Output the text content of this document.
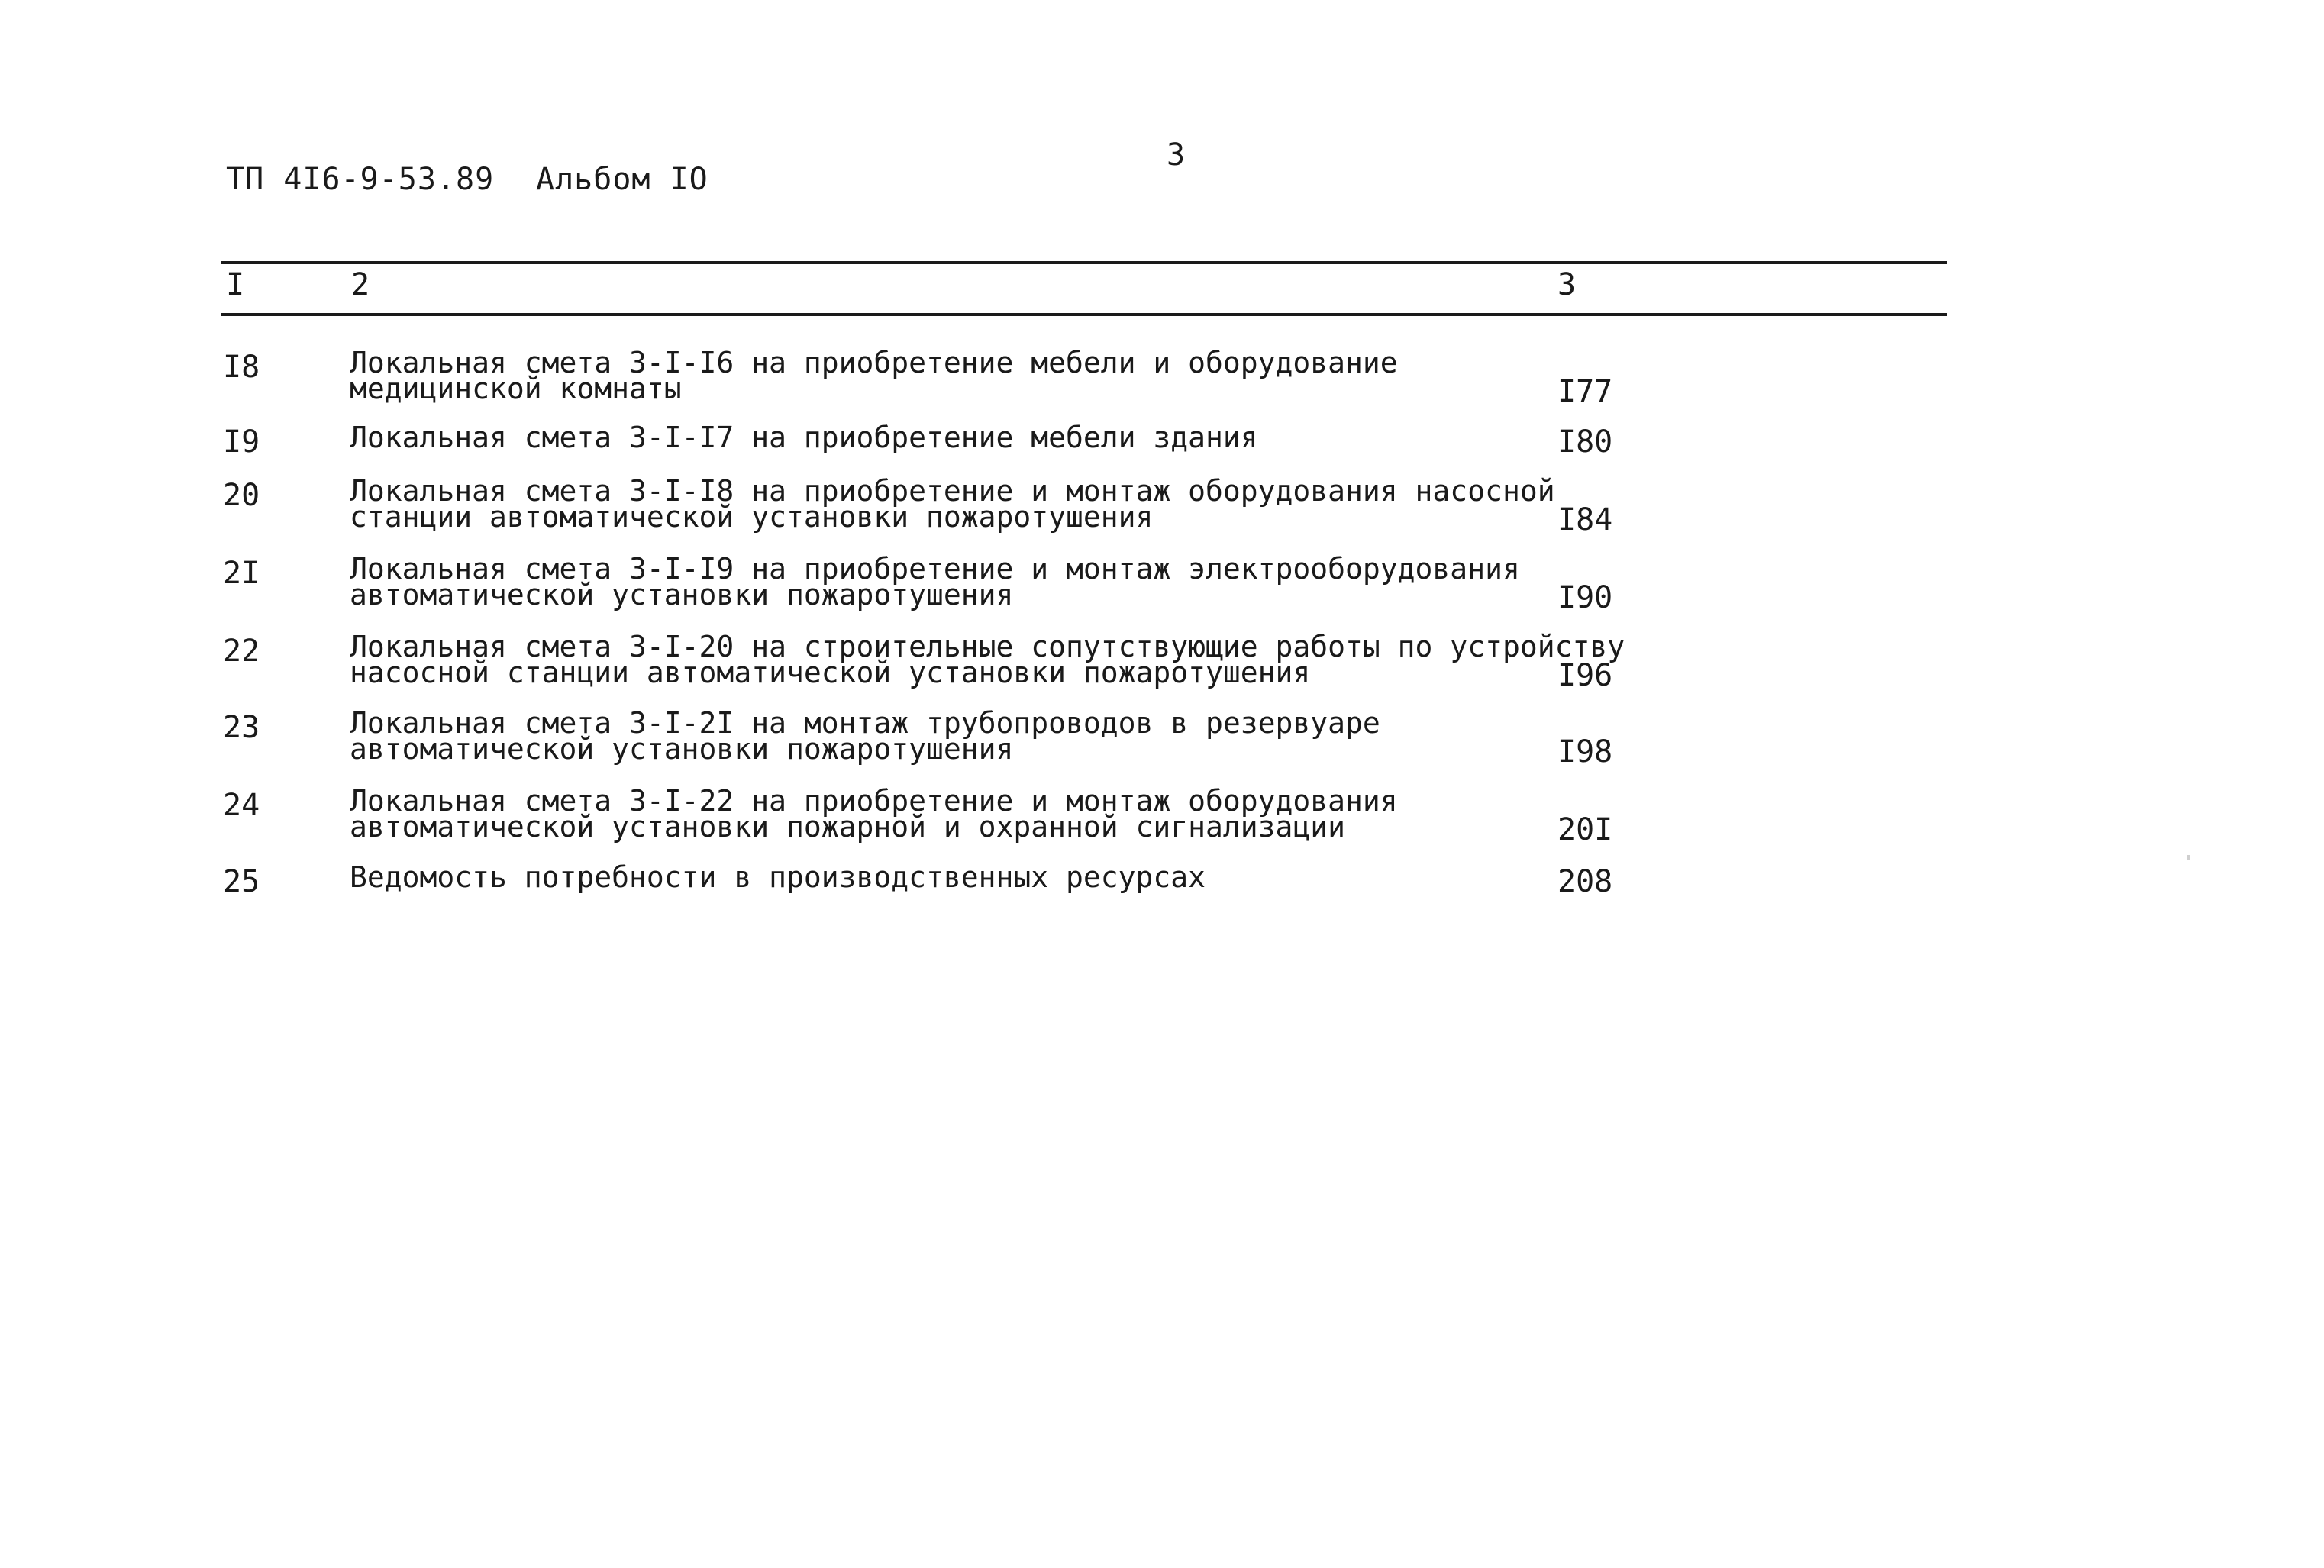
ТП 4I6-9-53.89 Альбом IO
3
I	2	3
I8	Локальная смета 3-I-I6 на приобретение мебели и оборудование
медицинской комнаты	I77
I9	Локальная смета 3-I-I7 на приобретение мебели здания	I80
20	Локальная смета 3-I-I8 на приобретение и монтаж оборудования насосной
станции автоматической установки пожаротушения	I84
2I	Локальная смета 3-I-I9 на приобретение и монтаж электрооборудования
автоматической установки пожаротушения	I90
22	Локальная смета 3-I-20 на строительные сопутствующие работы по устройству
насосной станции автоматической установки пожаротушения	I96
23	Локальная смета 3-I-2I на монтаж трубопроводов в резервуаре
автоматической установки пожаротушения	I98
24	Локальная смета 3-I-22 на приобретение и монтаж оборудования
автоматической установки пожарной и охранной сигнализации	20I
25	Ведомость потребности в производственных ресурсах	208
